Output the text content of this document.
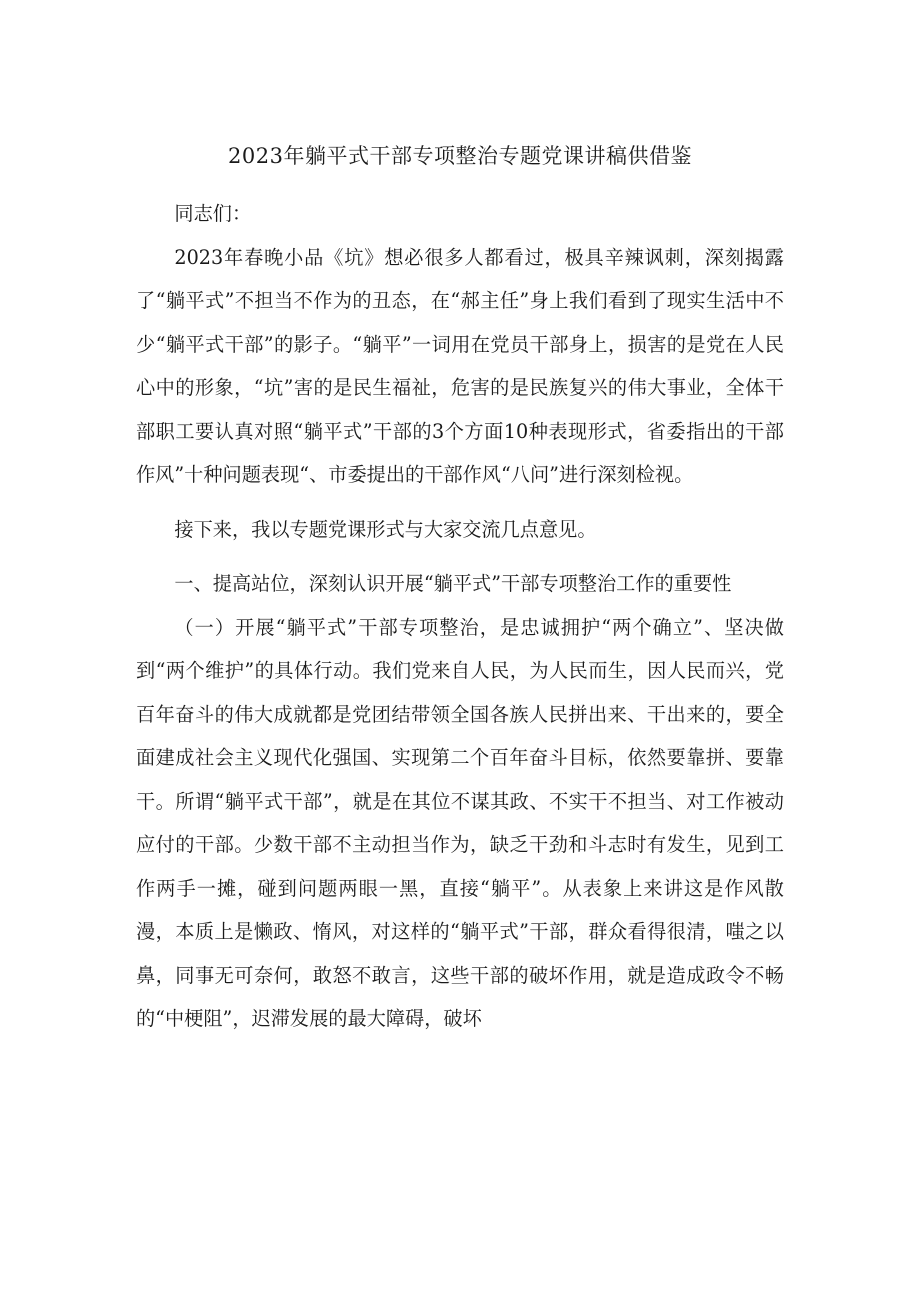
2023年躺平式干部专项整治专题党课讲稿供借鉴

同志们：

2023年春晚小品《坑》想必很多人都看过，极具辛辣讽刺，深刻揭露了“躺平式”不担当不作为的丑态，在“郝主任”身上我们看到了现实生活中不少“躺平式干部”的影子。“躺平”一词用在党员干部身上，损害的是党在人民心中的形象，“坑”害的是民生福祉，危害的是民族复兴的伟大事业，全体干部职工要认真对照“躺平式”干部的3个方面10种表现形式，省委指出的干部作风”十种问题表现“、市委提出的干部作风“八问”进行深刻检视。

接下来，我以专题党课形式与大家交流几点意见。

一、提高站位，深刻认识开展“躺平式”干部专项整治工作的重要性

（一）开展“躺平式”干部专项整治，是忠诚拥护“两个确立”、坚决做到“两个维护”的具体行动。我们党来自人民，为人民而生，因人民而兴，党百年奋斗的伟大成就都是党团结带领全国各族人民拼出来、干出来的，要全面建成社会主义现代化强国、实现第二个百年奋斗目标，依然要靠拼、要靠干。所谓“躺平式干部”，就是在其位不谋其政、不实干不担当、对工作被动应付的干部。少数干部不主动担当作为，缺乏干劲和斗志时有发生，见到工作两手一摊，碰到问题两眼一黑，直接“躺平”。从表象上来讲这是作风散漫，本质上是懒政、惰风，对这样的“躺平式”干部，群众看得很清，嗤之以鼻，同事无可奈何，敢怒不敢言，这些干部的破坏作用，就是造成政令不畅的“中梗阻”，迟滞发展的最大障碍，破坏
